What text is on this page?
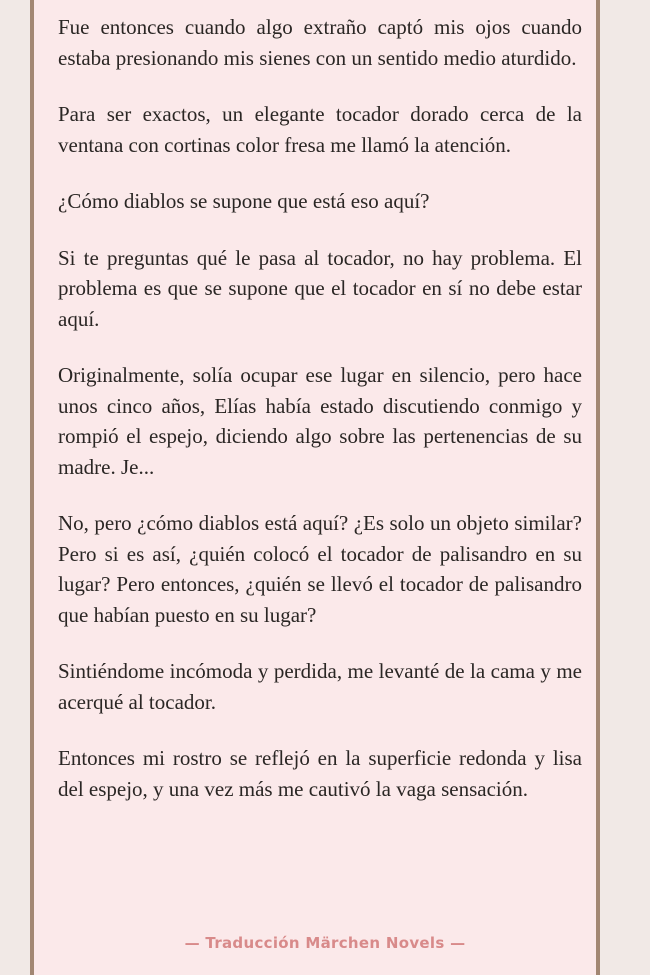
Fue entonces cuando algo extraño captó mis ojos cuando estaba presionando mis sienes con un sentido medio aturdido.

Para ser exactos, un elegante tocador dorado cerca de la ventana con cortinas color fresa me llamó la atención.

¿Cómo diablos se supone que está eso aquí?

Si te preguntas qué le pasa al tocador, no hay problema. El problema es que se supone que el tocador en sí no debe estar aquí.

Originalmente, solía ocupar ese lugar en silencio, pero hace unos cinco años, Elías había estado discutiendo conmigo y rompió el espejo, diciendo algo sobre las pertenencias de su madre. Je...

No, pero ¿cómo diablos está aquí? ¿Es solo un objeto similar? Pero si es así, ¿quién colocó el tocador de palisandro en su lugar? Pero entonces, ¿quién se llevó el tocador de palisandro que habían puesto en su lugar?

Sintiéndome incómoda y perdida, me levanté de la cama y me acerqué al tocador.

Entonces mi rostro se reflejó en la superficie redonda y lisa del espejo, y una vez más me cautivó la vaga sensación.

— Traducción Märchen Novels —
